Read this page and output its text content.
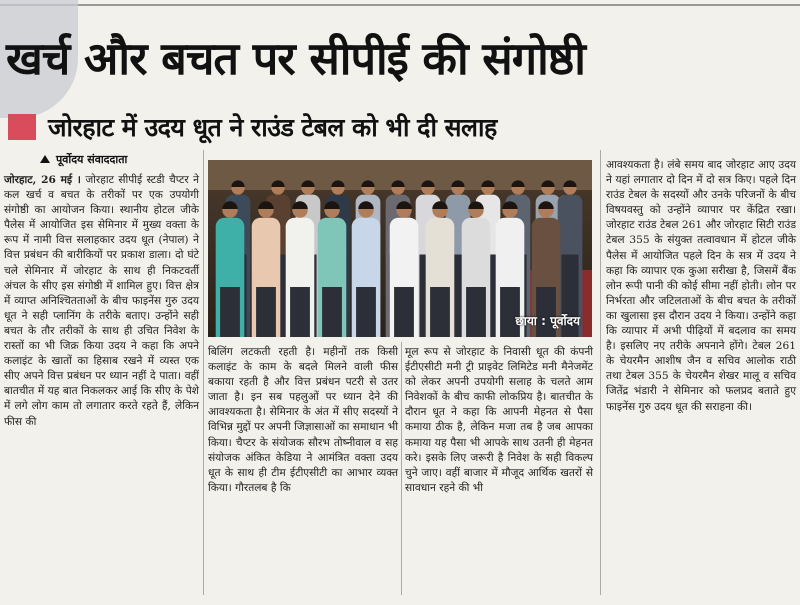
खर्च और बचत पर सीपीई की संगोष्ठी
जोरहाट में उदय धूत ने राउंड टेबल को भी दी सलाह
पूर्वोदय संवाददाता

जोरहाट, 26 मई । जोरहाट सीपीई स्टडी चैप्टर ने कल खर्च व बचत के तरीकों पर एक उपयोगी संगोष्ठी का आयोजन किया। स्थानीय होटल जीके पैलेस में आयोजित इस सेमिनार में मुख्य वक्ता के रूप में नामी वित्त सलाहकार उदय धूत (नेपाल) ने वित्त प्रबंधन की बारीकियों पर प्रकाश डाला। दो घंटे चले सेमिनार में जोरहाट के साथ ही निकटवर्ती अंचल के सीए इस संगोष्ठी में शामिल हुए। वित्त क्षेत्र में व्याप्त अनिश्चितताओं के बीच फाइनेंस गुरु उदय धूत ने सही प्लानिंग के तरीके बताए। उन्होंने सही बचत के तौर तरीकों के साथ ही उचित निवेश के रास्तों का भी जिक्र किया उदय ने कहा कि अपने कलाइंट के खातों का हिसाब रखने में व्यस्त एक सीए अपने वित्त प्रबंधन पर ध्यान नहीं दे पाता। वहीं बातचीत में यह बात निकलकर आई कि सीए के पेशे में लगे लोग काम तो लगातार करते रहते हैं, लेकिन फीस की

छाया : पूर्वोदय

बिलिंग लटकती रहती है। महीनों तक किसी कलाइंट के काम के बदले मिलने वाली फीस बकाया रहती है और वित्त प्रबंधन पटरी से उतर जाता है। इन सब पहलुओं पर ध्यान देने की आवश्यकता है। सेमिनार के अंत में सीए सदस्यों ने विभिन्न मुद्दों पर अपनी जिज्ञासाओं का समाधान भी किया। चैप्टर के संयोजक सौरभ तोष्नीवाल व सह संयोजक अंकित केडिया ने आमंत्रित वक्ता उदय धूत के साथ ही टीम ईटीएसीटी का आभार व्यक्त किया। गौरतलब है कि

मूल रूप से जोरहाट के निवासी धूत की कंपनी ईटीएसीटी मनी ट्री प्राइवेट लिमिटेड मनी मैनेजमेंट को लेकर अपनी उपयोगी सलाह के चलते आम निवेशकों के बीच काफी लोकप्रिय है। बातचीत के दौरान धूत ने कहा कि आपनी मेहनत से पैसा कमाया ठीक है, लेकिन मजा तब है जब आपका कमाया यह पैसा भी आपके साथ उतनी ही मेहनत करे। इसके लिए जरूरी है निवेश के सही विकल्प चुने जाए। वहीं बाजार में मौजूद आर्थिक खतरों से सावधान रहने की भी

आवश्यकता है। लंबे समय बाद जोरहाट आए उदय ने यहां लगातार दो दिन में दो सत्र किए। पहले दिन राउंड टेबल के सदस्यों और उनके परिजनों के बीच विषयवस्तु को उन्होंने व्यापार पर केंद्रित रखा। जोरहाट राउंड टेबल 261 और जोरहाट सिटी राउंड टेबल 355 के संयुक्त तत्वावधान में होटल जीके पैलेस में आयोजित पहले दिन के सत्र में उदय ने कहा कि व्यापार एक कुआ सरीखा है, जिसमें बैंक लोन रूपी पानी की कोई सीमा नहीं होती। लोन पर निर्भरता और जटिलताओं के बीच बचत के तरीकों का खुलासा इस दौरान उदय ने किया। उन्होंने कहा कि व्यापार में अभी पीढ़ियों में बदलाव का समय है। इसलिए नए तरीके अपनाने होंगे। टेबल 261 के चेयरमैन आशीष जैन व सचिव आलोक राठी तथा टेबल 355 के चेयरमैन शेखर मालू व सचिव जितेंद्र भंडारी ने सेमिनार को फलप्रद बताते हुए फाइनेंस गुरु उदय धूत की सराहना की।
